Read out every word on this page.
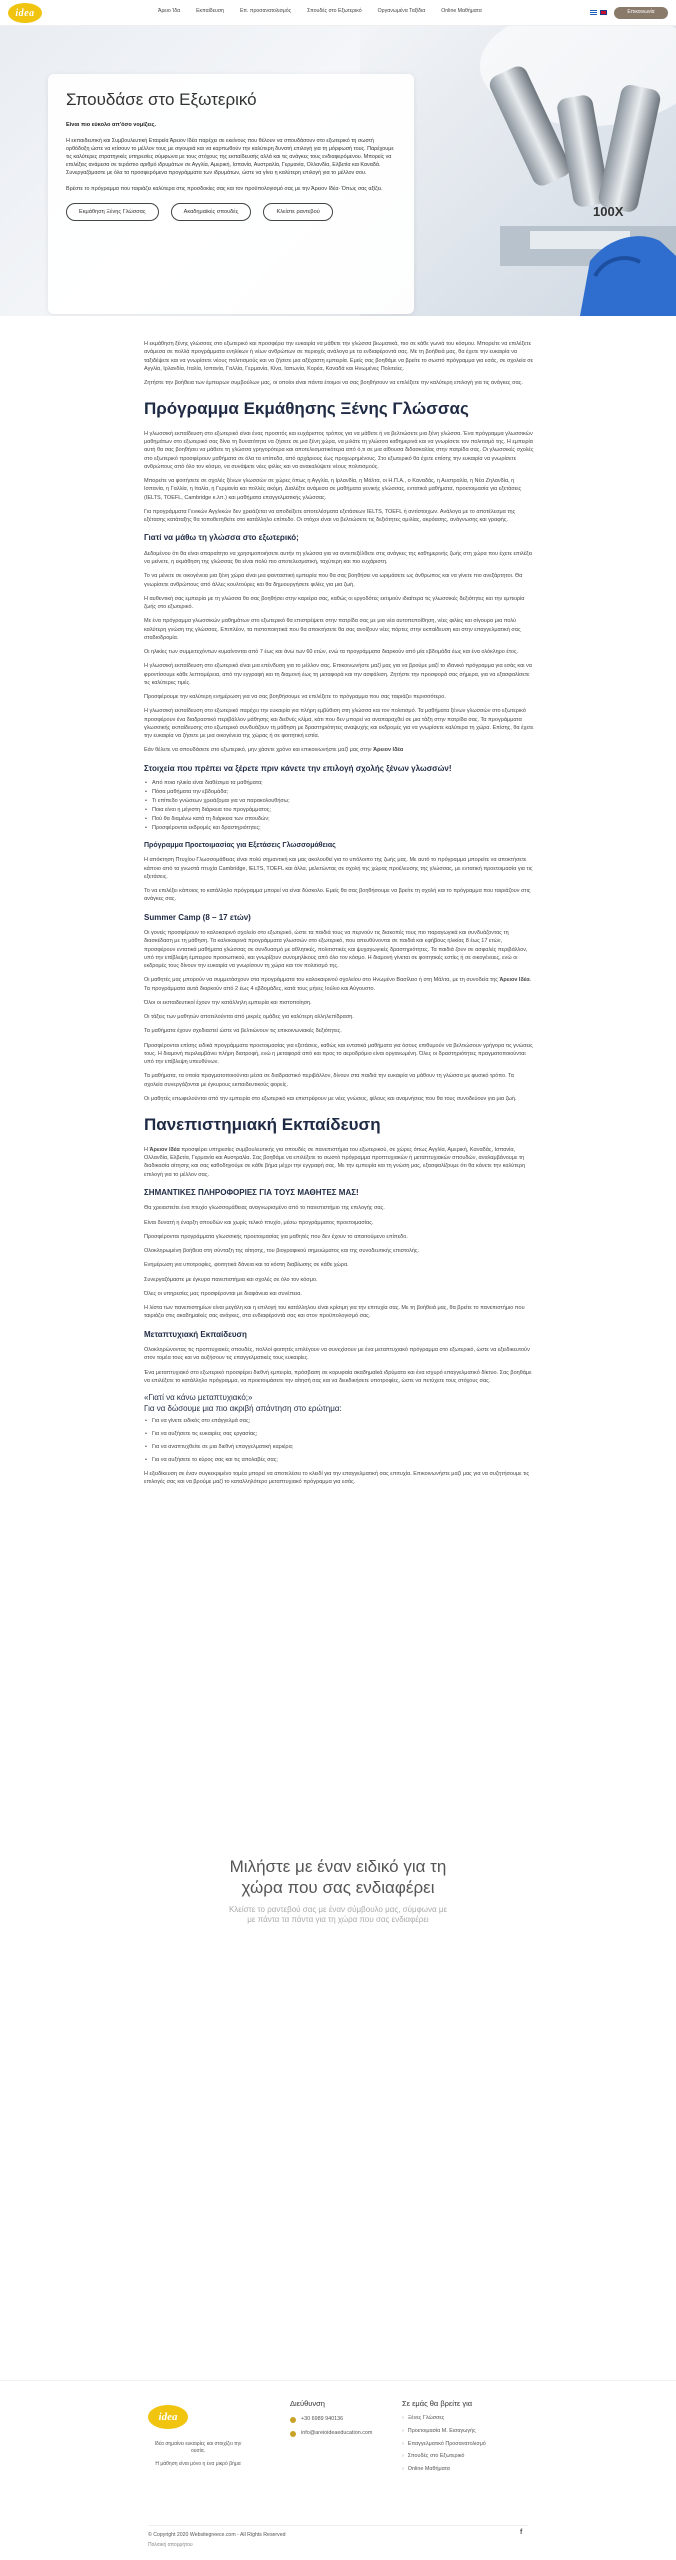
idea	Άρειο Ίδα	Εκπαίδευση	Επ. προσανατολισμός	Σπουδές στο Εξωτερικό	Οργανωμένα Ταξίδια	Online Μαθήματα	Επικοινωνία
100X
Σπουδάσε στο Εξωτερικό
Είναι πιο εύκολο απ'όσο νομίζεις.
Η εκπαιδευτική και Συμβουλευτική Εταιρεία Άρειον Ιδέα παρέχει σε εκείνους που θέλουν να σπουδάσουν στο εξωτερικό τη σωστή ορθόδοξη ώστε να κτίσουν το μέλλον τους με σιγουριά και να καρπωθούν την καλύτερη δυνατή επιλογή για τη μόρφωσή τους. Παρέχουμε τις καλύτερες στρατηγικές υπηρεσίες σύμφωνα με τους στόχους της εκπαίδευσής αλλά και τις ανάγκες τους ενδιαφερόμενου. Μπορείς να επιλέξεις ανάμεσα σε τεράστιο αριθμό ιδρυμάτων σε Αγγλία, Αμερική, Ισπανία, Αυστραλία, Γερμανία, Ολλανδία, Ελβετία και Καναδά. Συνεργαζόμαστε με όλα τα προσφερόμενα προγράμματα των ιδρυμάτων, ώστε να γίνει η καλύτερη επιλογή για το μέλλον σου.
Βρέστε το πρόγραμμα που ταιριάζει καλύτερα στις προσδοκίες σας και τον προϋπολογισμό σας με την Άρειον Ιδέα· Όπως σας αξίζει.
Εκμάθηση Ξένης Γλώσσας	Ακαδημαϊκές σπουδές	Κλείστε ραντεβού

Η εκμάθηση ξένης γλώσσας στο εξωτερικό και προσφέρει την ευκαιρία να μάθετε την γλώσσα βιωματικά, πιο σε κάθε γωνιά του κόσμου. Μπορείτε να επιλέξετε ανάμεσα σε πολλά προγράμματα ενηλίκων ή νέων ανθρώπων σε περιοχές ανάλογα με τα ενδιαφέροντά σας. Με τη βοήθειά μας, θα έχετε την ευκαιρία να ταξιδέψετε και να γνωρίσετε νέους πολιτισμούς και να ζήσετε μια αξέχαστη εμπειρία. Εμείς σας βοηθάμε να βρείτε το σωστό πρόγραμμα για εσάς, σε σχολεία σε Αγγλία, Ιρλανδία, Ιταλία, Ισπανία, Γαλλία, Γερμανία, Κίνα, Ιαπωνία, Κορέα, Καναδά και Ηνωμένες Πολιτείες.

Ζητήστε την βοήθεια των έμπειρων συμβούλων μας, οι οποίοι είναι πάντα έτοιμοι να σας βοηθήσουν να επιλέξετε την καλύτερη επιλογή για τις ανάγκες σας.

Πρόγραμμα Εκμάθησης Ξένης Γλώσσας

Η γλωσσική εκπαίδευση στο εξωτερικό είναι ένας προσιτός και ευχάριστος τρόπος για να μάθετε ή να βελτιώσετε μια ξένη γλώσσα. Ένα πρόγραμμα γλωσσικών μαθημάτων στο εξωτερικό σας δίνει τη δυνατότητα να ζήσετε σε μια ξένη χώρα, να μιλάτε τη γλώσσα καθημερινά και να γνωρίσετε τον πολιτισμό της. Η εμπειρία αυτή θα σας βοηθήσει να μάθετε τη γλώσσα γρηγορότερα και αποτελεσματικότερα από ό,τι σε μια αίθουσα διδασκαλίας στην πατρίδα σας. Οι γλωσσικές σχολές στο εξωτερικό προσφέρουν μαθήματα σε όλα τα επίπεδα, από αρχάριους έως προχωρημένους. Στο εξωτερικό θα έχετε επίσης την ευκαιρία να γνωρίσετε ανθρώπους από όλο τον κόσμο, να συνάψετε νέες φιλίες και να ανακαλύψετε νέους πολιτισμούς.

Μπορείτε να φοιτήσετε σε σχολές ξένων γλωσσών σε χώρες όπως η Αγγλία, η Ιρλανδία, η Μάλτα, οι Η.Π.Α., ο Καναδάς, η Αυστραλία, η Νέα Ζηλανδία, η Ισπανία, η Γαλλία, η Ιταλία, η Γερμανία και πολλές ακόμη. Διαλέξτε ανάμεσα σε μαθήματα γενικής γλώσσας, εντατικά μαθήματα, προετοιμασία για εξετάσεις (IELTS, TOEFL, Cambridge κ.λπ.) και μαθήματα επαγγελματικής γλώσσας.

Για προγράμματα Γενικών Αγγλικών δεν χρειάζεται να αποδείξετε αποτελέσματα εξετάσεων IELTS, TOEFL ή αντίστοιχων. Ανάλογα με το αποτέλεσμα της εξέτασης κατάταξης θα τοποθετηθείτε στο κατάλληλο επίπεδο. Οι στόχοι είναι να βελτιώσετε τις δεξιότητες ομιλίας, ακρόασης, ανάγνωσης και γραφής.

Γιατί να μάθω τη γλώσσα στο εξωτερικό;

Δεδομένου ότι θα είναι απαραίτητο να χρησιμοποιήσετε αυτήν τη γλώσσα για να αντεπεξέλθετε στις ανάγκες της καθημερινής ζωής στη χώρα που έχετε επιλέξει να μείνετε, η εκμάθηση της γλώσσας θα είναι πολύ πιο αποτελεσματική, ταχύτερη και πιο ευχάριστη.

Το να μένετε σε οικογένεια μια ξένη χώρα είναι μια φανταστική εμπειρία που θα σας βοηθήσει να ωριμάσετε ως άνθρωπος και να γίνετε πιο ανεξάρτητοι. Θα γνωρίσετε ανθρώπους από άλλες κουλτούρες και θα δημιουργήσετε φιλίες για μια ζωή.

Η αυθεντική σας εμπειρία με τη γλώσσα θα σας βοηθήσει στην καριέρα σας, καθώς οι εργοδότες εκτιμούν ιδιαίτερα τις γλωσσικές δεξιότητες και την εμπειρία ζωής στο εξωτερικό.

Με ένα πρόγραμμα γλωσσικών μαθημάτων στο εξωτερικό θα επιστρέψετε στην πατρίδα σας με μια νέα αυτοπεποίθηση, νέες φιλίες και σίγουρα μια πολύ καλύτερη γνώση της γλώσσας. Επιπλέον, τα πιστοποιητικά που θα αποκτήσετε θα σας ανοίξουν νέες πόρτες στην εκπαίδευση και στην επαγγελματική σας σταδιοδρομία.

Οι ηλικίες των συμμετεχόντων κυμαίνονται από 7 έως και άνω των 60 ετών, ενώ τα προγράμματα διαρκούν από μία εβδομάδα έως και ένα ολόκληρο έτος.

Η γλωσσική εκπαίδευση στο εξωτερικό είναι μια επένδυση για το μέλλον σας. Επικοινωνήστε μαζί μας για να βρούμε μαζί το ιδανικό πρόγραμμα για εσάς και να φροντίσουμε κάθε λεπτομέρεια, από την εγγραφή και τη διαμονή έως τη μεταφορά και την ασφάλιση. Ζητήστε την προσφορά σας σήμερα, για να εξασφαλίσετε τις καλύτερες τιμές.

Προσφέρουμε την καλύτερη ενημέρωση για να σας βοηθήσουμε να επιλέξετε το πρόγραμμα που σας ταιριάζει περισσότερο.

Η γλωσσική εκπαίδευση στο εξωτερικό παρέχει την ευκαιρία για πλήρη εμβύθιση στη γλώσσα και τον πολιτισμό. Τα μαθήματα ξένων γλωσσών στο εξωτερικό προσφέρουν ένα διαδραστικό περιβάλλον μάθησης και διεθνές κλίμα, κάτι που δεν μπορεί να αναπαραχθεί σε μια τάξη στην πατρίδα σας. Τα προγράμματα γλωσσικής εκπαίδευσης στο εξωτερικό συνδυάζουν τη μάθηση με δραστηριότητες αναψυχής και εκδρομές για να γνωρίσετε καλύτερα τη χώρα. Επίσης, θα έχετε την ευκαιρία να ζήσετε με μια οικογένεια της χώρας ή σε φοιτητική εστία.

Εάν θέλετε να σπουδάσετε στο εξωτερικό, μην χάσετε χρόνο και επικοινωνήστε μαζί μας στην Άρειον Ιδέα

Στοιχεία που πρέπει να ξέρετε πριν κάνετε την επιλογή σχολής ξένων γλωσσών!
• Από ποια ηλικία είναι διαθέσιμα τα μαθήματα;
• Πόσα μαθήματα την εβδομάδα;
• Τι επίπεδο γνώσεων χρειάζομαι για να παρακολουθήσω;
• Ποια είναι η μέγιστη διάρκεια του προγράμματος;
• Πού θα διαμένω κατά τη διάρκεια των σπουδών;
• Προσφέρονται εκδρομές και δραστηριότητες;
Πρόγραμμα Προετοιμασίας για Εξετάσεις Γλωσσομάθειας

Η απόκτηση Πτυχίου Γλωσσομάθειας είναι πολύ σημαντική και μας ακολουθεί για το υπόλοιπο της ζωής μας. Με αυτό το πρόγραμμα μπορείτε να αποκτήσετε κάποιο από τα γνωστά πτυχία Cambridge, IELTS, TOEFL και άλλα, μελετώντας σε σχολή της χώρας προέλευσης της γλώσσας, με εντατική προετοιμασία για τις εξετάσεις.

Το να επιλέξει κάποιος το κατάλληλο πρόγραμμα μπορεί να είναι δύσκολο. Εμείς θα σας βοηθήσουμε να βρείτε τη σχολή και το πρόγραμμα που ταιριάζουν στις ανάγκες σας.

Summer Camp (8 – 17 ετών)

Οι γονείς προσφέρουν το καλοκαιρινό σχολείο στο εξωτερικό, ώστε τα παιδιά τους να περνούν τις διακοπές τους πιο παραγωγικά και συνδυάζοντας τη διασκέδαση με τη μάθηση. Τα καλοκαιρινά προγράμματα γλωσσών στο εξωτερικό, που απευθύνονται σε παιδιά και εφήβους ηλικίας 8 έως 17 ετών, προσφέρουν εντατικά μαθήματα γλώσσας σε συνδυασμό με αθλητικές, πολιτιστικές και ψυχαγωγικές δραστηριότητες. Τα παιδιά ζουν σε ασφαλές περιβάλλον, υπό την επίβλεψη έμπειρου προσωπικού, και γνωρίζουν συνομηλίκους από όλο τον κόσμο. Η διαμονή γίνεται σε φοιτητικές εστίες ή σε οικογένειες, ενώ οι εκδρομές τους δίνουν την ευκαιρία να γνωρίσουν τη χώρα και τον πολιτισμό της.

Οι μαθητές μας μπορούν να συμμετάσχουν στα προγράμματα του καλοκαιρινού σχολείου στο Ηνωμένο Βασίλειο ή στη Μάλτα, με τη συνοδεία της Άρειον Ιδέα. Τα προγράμματα αυτά διαρκούν από 2 έως 4 εβδομάδες, κατά τους μήνες Ιούλιο και Αύγουστο.

Όλοι οι εκπαιδευτικοί έχουν την κατάλληλη εμπειρία και πιστοποίηση.

Οι τάξεις των μαθητών αποτελούνται από μικρές ομάδες για καλύτερη αλληλεπίδραση.

Τα μαθήματα έχουν σχεδιαστεί ώστε να βελτιώνουν τις επικοινωνιακές δεξιότητες.

Προσφέρονται επίσης ειδικά προγράμματα προετοιμασίας για εξετάσεις, καθώς και εντατικά μαθήματα για όσους επιθυμούν να βελτιώσουν γρήγορα τις γνώσεις τους. Η διαμονή περιλαμβάνει πλήρη διατροφή, ενώ η μεταφορά από και προς το αεροδρόμιο είναι οργανωμένη. Όλες οι δραστηριότητες πραγματοποιούνται υπό την επίβλεψη υπευθύνων.

Τα μαθήματα, τα οποία πραγματοποιούνται μέσα σε διαδραστικό περιβάλλον, δίνουν στα παιδιά την ευκαιρία να μάθουν τη γλώσσα με φυσικό τρόπο. Τα σχολεία συνεργάζονται με έγκυρους εκπαιδευτικούς φορείς.

Οι μαθητές επωφελούνται από την εμπειρία στο εξωτερικό και επιστρέφουν με νέες γνώσεις, φίλους και αναμνήσεις που θα τους συνοδεύουν για μια ζωή.

Πανεπιστημιακή Εκπαίδευση

Η Άρειον Ιδέα προσφέρει υπηρεσίες συμβουλευτικής για σπουδές σε πανεπιστήμια του εξωτερικού, σε χώρες όπως Αγγλία, Αμερική, Καναδάς, Ισπανία, Ολλανδία, Ελβετία, Γερμανία και Αυστραλία. Σας βοηθάμε να επιλέξετε το σωστό πρόγραμμα προπτυχιακών ή μεταπτυχιακών σπουδών, αναλαμβάνουμε τη διαδικασία αίτησης και σας καθοδηγούμε σε κάθε βήμα μέχρι την εγγραφή σας. Με την εμπειρία και τη γνώση μας, εξασφαλίζουμε ότι θα κάνετε την καλύτερη επιλογή για το μέλλον σας.

ΣΗΜΑΝΤΙΚΕΣ ΠΛΗΡΟΦΟΡΙΕΣ ΓΙΑ ΤΟΥΣ ΜΑΘΗΤΕΣ ΜΑΣ!

Θα χρειαστείτε ένα πτυχίο γλωσσομάθειας αναγνωρισμένο από το πανεπιστήμιο της επιλογής σας.

Είναι δυνατή η έναρξη σπουδών και χωρίς τελικό πτυχίο, μέσω προγράμματος προετοιμασίας.

Προσφέρονται προγράμματα γλωσσικής προετοιμασίας για μαθητές που δεν έχουν το απαιτούμενο επίπεδο.

Ολοκληρωμένη βοήθεια στη σύνταξη της αίτησης, του βιογραφικού σημειώματος και της συνοδευτικής επιστολής.

Ενημέρωση για υποτροφίες, φοιτητικά δάνεια και τα κόστη διαβίωσης σε κάθε χώρα.

Συνεργαζόμαστε με έγκυρα πανεπιστήμια και σχολές σε όλο τον κόσμο.

Όλες οι υπηρεσίες μας προσφέρονται με διαφάνεια και συνέπεια.

Η λίστα των πανεπιστημίων είναι μεγάλη και η επιλογή του κατάλληλου είναι κρίσιμη για την επιτυχία σας. Με τη βοήθειά μας, θα βρείτε το πανεπιστήμιο που ταιριάζει στις ακαδημαϊκές σας ανάγκες, στα ενδιαφέροντά σας και στον προϋπολογισμό σας.

Μεταπτυχιακή Εκπαίδευση

Ολοκληρώνοντας τις προπτυχιακές σπουδές, πολλοί φοιτητές επιλέγουν να συνεχίσουν με ένα μεταπτυχιακό πρόγραμμα στο εξωτερικό, ώστε να εξειδικευτούν στον τομέα τους και να αυξήσουν τις επαγγελματικές τους ευκαιρίες.

Ένα μεταπτυχιακό στο εξωτερικό προσφέρει διεθνή εμπειρία, πρόσβαση σε κορυφαία ακαδημαϊκά ιδρύματα και ένα ισχυρό επαγγελματικό δίκτυο. Σας βοηθάμε να επιλέξετε το κατάλληλο πρόγραμμα, να προετοιμάσετε την αίτησή σας και να διεκδικήσετε υποτροφίες, ώστε να πετύχετε τους στόχους σας.

«Γιατί να κάνω μεταπτυχιακό;»
Για να δώσουμε μια πιο ακριβή απάντηση στο ερώτημα:
• Για να γίνετε ειδικός στο επάγγελμά σας;
• Για να αυξήσετε τις ευκαιρίες σας εργασίας;
• Για να αναπτυχθείτε σε μια διεθνή επαγγελματική καριέρα;
• Για να αυξήσετε το κύρος σας και τις απολαβές σας;

Η εξειδίκευση σε έναν συγκεκριμένο τομέα μπορεί να αποτελέσει το κλειδί για την επαγγελματική σας επιτυχία. Επικοινωνήστε μαζί μας για να συζητήσουμε τις επιλογές σας και να βρούμε μαζί το καταλληλότερο μεταπτυχιακό πρόγραμμα για εσάς.

Μιλήστε με έναν ειδικό για τη
χώρα που σας ενδιαφέρει
Κλείστε το ραντεβού σας με έναν σύμβουλο μας, σύμφωνα με
με πάντα τα πάντα για τη χώρα που σας ενδιαφέρει
idea
Ιδέα σημαίνει ευκαιρίες και στοιχίζει την ουσία.
Η μάθηση είναι μόνο η ένα μικρό βήμα
Διεύθυνση
+30 6989 940136
info@areioideaeducation.com
Σε εμάς θα βρείτε για
› Ξένες Γλώσσες
› Προετοιμασία Μ. Εισαγωγής
› Επαγγελματικό Προσανατολισμό
› Σπουδές στο Εξωτερικό
› Online Μαθήματα
© Copyright 2020 Websitegreece.com - All Rights Reserved
Πολιτική απορρήτου
f
